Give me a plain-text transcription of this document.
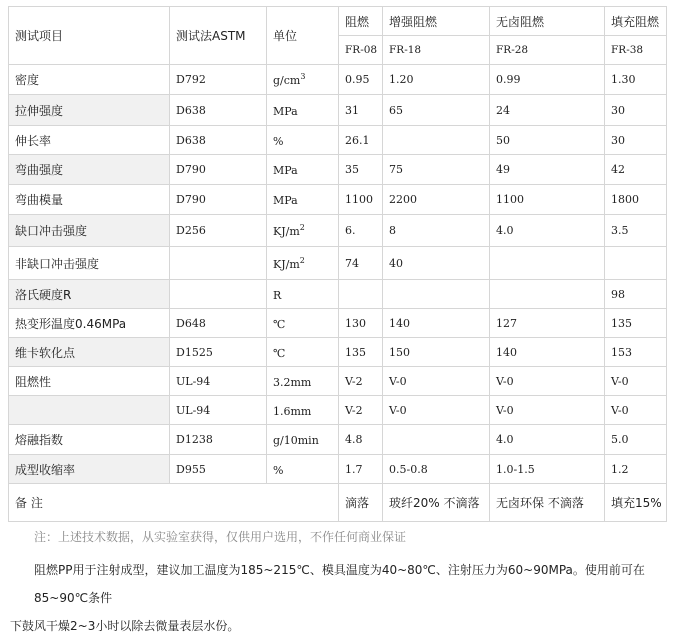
测试项目	测试法ASTM	单位	阻燃	增强阻燃	无卤阻燃	填充阻燃
			FR-08	FR-18	FR-28	FR-38
密度	D792	$g/cm^3$	0.95	1.20	0.99	1.30
拉伸强度	D638	MPa	31	65	24	30
伸长率	D638	%	26.1		50	30
弯曲强度	D790	MPa	35	75	49	42
弯曲模量	D790	MPa	1100	2200	1100	1800
缺口冲击强度	D256	$KJ/m^2$	6.	8	4.0	3.5
非缺口冲击强度		$KJ/m^2$	74	40		
洛氏硬度R		R				98
热变形温度0.46MPa	D648	℃	130	140	127	135
维卡软化点	D1525	℃	135	150	140	153
阻燃性	UL-94	3.2mm	V-2	V-0	V-0	V-0
	UL-94	1.6mm	V-2	V-0	V-0	V-0
熔融指数	D1238	g/10min	4.8		4.0	5.0
成型收缩率	D955	%	1.7	0.5-0.8	1.0-1.5	1.2
备 注			滴落	玻纤20% 不滴落	无卤环保 不滴落	填充15%
注：上述技术数据，从实验室获得，仅供用户选用，不作任何商业保证
阻燃PP用于注射成型，建议加工温度为185~215℃、模具温度为40~80℃、注射压力为60~90MPa。使用前可在85~90℃条件
下鼓风干燥2~3小时以除去微量表层水份。
